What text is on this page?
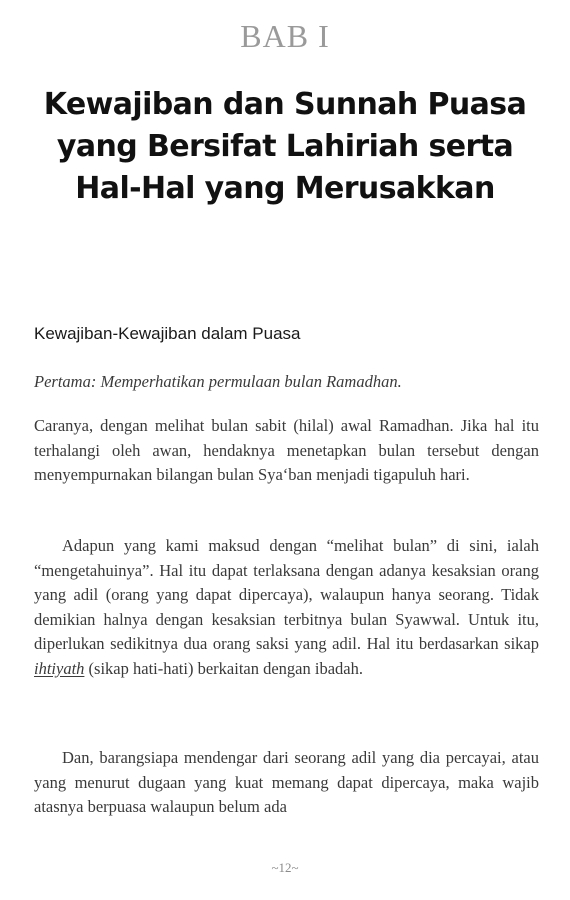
BAB I
Kewajiban dan Sunnah Puasa
yang Bersifat Lahiriah serta
Hal-Hal yang Merusakkan
Kewajiban-Kewajiban dalam Puasa

Pertama: Memperhatikan permulaan bulan Ramadhan.

Caranya, dengan melihat bulan sabit (hilal) awal Ramadhan. Jika hal itu terhalangi oleh awan, hendaknya menetapkan bulan tersebut dengan menyempurnakan bilangan bulan Sya‘ban menjadi tigapuluh hari.

Adapun yang kami maksud dengan “melihat bulan” di sini, ialah “mengetahuinya”. Hal itu dapat terlaksana dengan adanya kesaksian orang yang adil (orang yang dapat dipercaya), walaupun hanya seorang. Tidak demikian halnya dengan kesaksian terbitnya bulan Syawwal. Untuk itu, diperlukan sedikitnya dua orang saksi yang adil. Hal itu berdasarkan sikap ihtiyath (sikap hati-hati) berkaitan dengan ibadah.

Dan, barangsiapa mendengar dari seorang adil yang dia percayai, atau yang menurut dugaan yang kuat memang dapat dipercaya, maka wajib atasnya berpuasa walaupun belum ada

~12~
